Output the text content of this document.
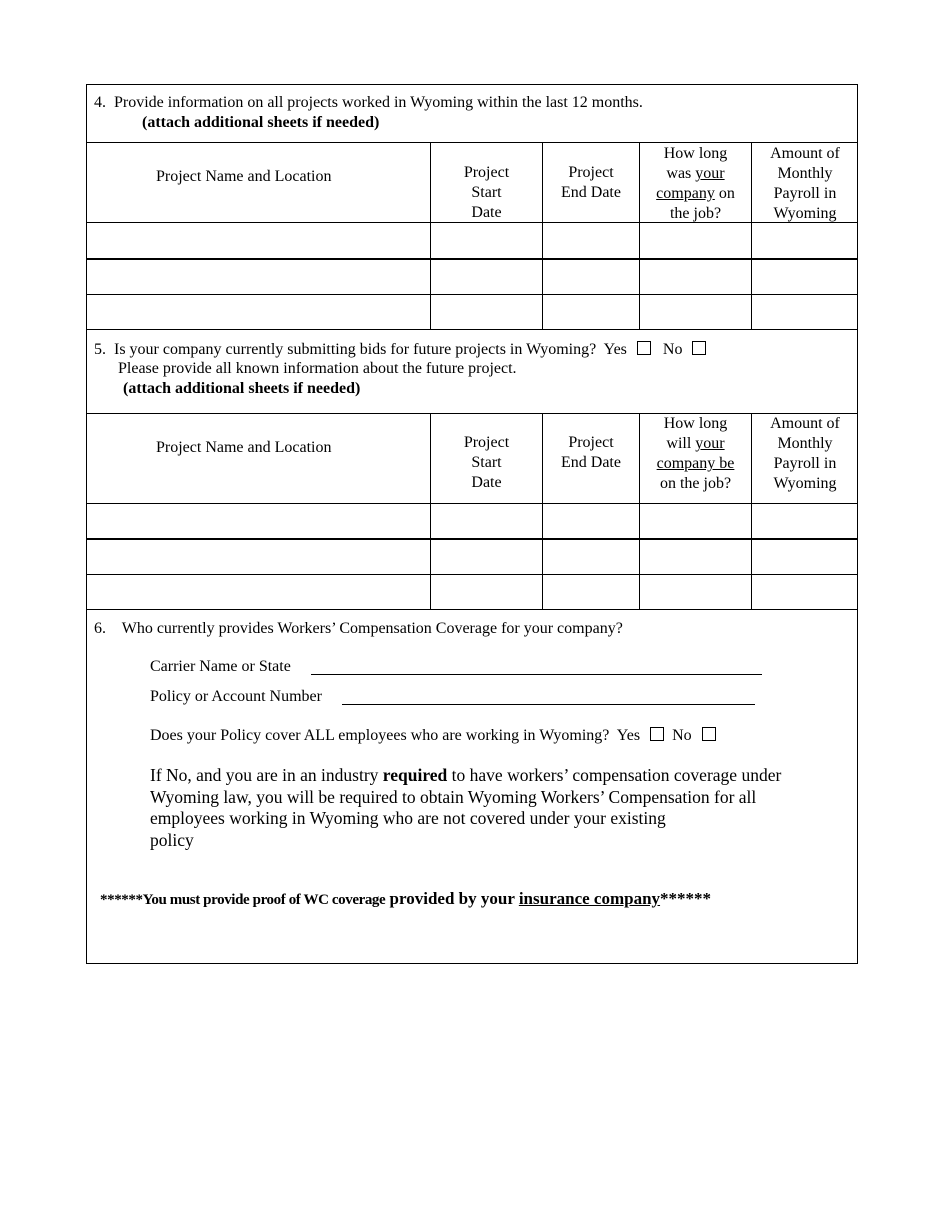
4. Provide information on all projects worked in Wyoming within the last 12 months.
(attach additional sheets if needed)
Project Name and Location	Project
Start
Date
Project
End Date
How long
was your
company on
the job?
Amount of
Monthly
Payroll in
Wyoming
5. Is your company currently submitting bids for future projects in Wyoming? Yes No
Please provide all known information about the future project.
(attach additional sheets if needed)
Project Name and Location	Project
Start
Date
Project
End Date
How long
will your
company be
on the job?
Amount of
Monthly
Payroll in
Wyoming
6. Who currently provides Workers’ Compensation Coverage for your company?
Carrier Name or State
Policy or Account Number
Does your Policy cover ALL employees who are working in Wyoming? Yes No
If No, and you are in an industry required to have workers’ compensation coverage under
Wyoming law, you will be required to obtain Wyoming Workers’ Compensation for all
employees working in Wyoming who are not covered under your existing
policy
******You must provide proof of WC coverage provided by your insurance company******
